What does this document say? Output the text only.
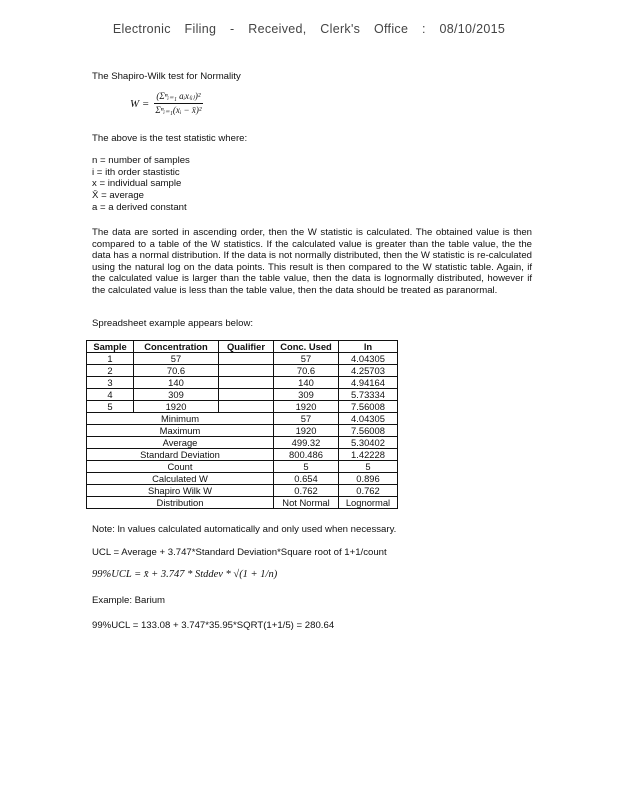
Electronic Filing - Received, Clerk's Office : 08/10/2015
The Shapiro-Wilk test for Normality
$W = \frac{\text{(Σⁿᵢ₌₁ aᵢx₍ᵢ₎)²}}{\text{Σⁿᵢ₌₁(xᵢ − x̄)²}}$
The above is the test statistic where:
n = number of samples
i = ith order stastistic
x = individual sample
X̄ = average
a = a derived constant
The data are sorted in ascending order, then the W statistic is calculated. The obtained value is then compared to a table of the W statistics. If the calculated value is greater than the table value, the the data has a normal distribution. If the data is not normally distributed, then the W statistic is re-calculated using the natural log on the data points. This result is then compared to the W statistic table. Again, if the calculated value is larger than the table value, then the data is lognormally distributed, however if the calculated value is less than the table value, then the data should be treated as paranormal.
Spreadsheet example appears below:
Sample	Concentration	Qualifier	Conc. Used	ln
1	57		57	4.04305
2	70.6		70.6	4.25703
3	140		140	4.94164
4	309		309	5.73334
5	1920		1920	7.56008
Minimum			57	4.04305
Maximum			1920	7.56008
Average			499.32	5.30402
Standard Deviation			800.486	1.42228
Count			5	5
Calculated W			0.654	0.896
Shapiro Wilk W			0.762	0.762
Distribution			Not Normal	Lognormal
Note: ln values calculated automatically and only used when necessary.
UCL = Average + 3.747*Standard Deviation*Square root of 1+1/count
99%UCL = x̄ + 3.747 * Stddev * √(1 + 1/n)
Example: Barium
99%UCL = 133.08 + 3.747*35.95*SQRT(1+1/5) = 280.64
